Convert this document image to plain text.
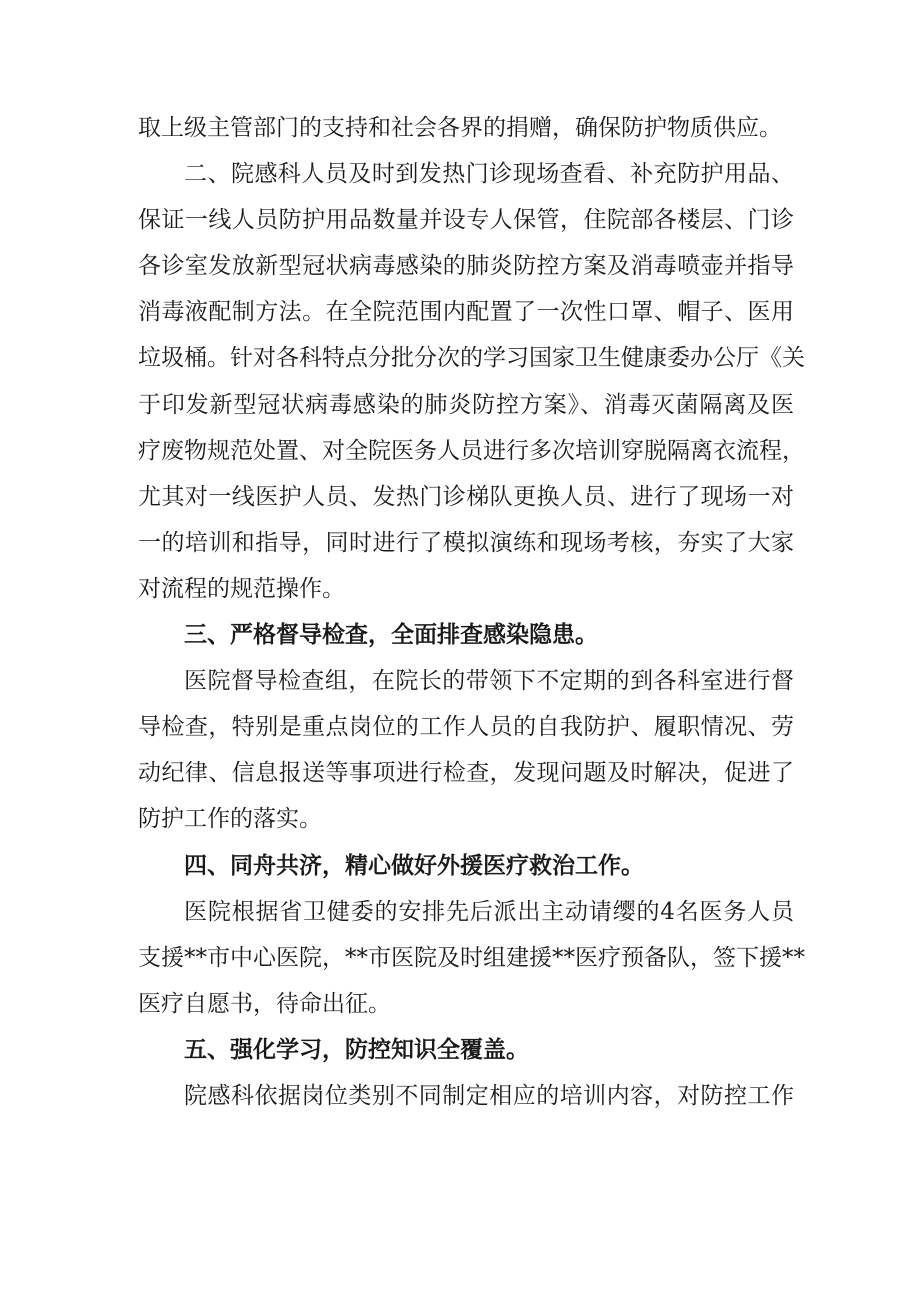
取上级主管部门的支持和社会各界的捐赠，确保防护物质供应。
二、院感科人员及时到发热门诊现场查看、补充防护用品、
保证一线人员防护用品数量并设专人保管，住院部各楼层、门诊
各诊室发放新型冠状病毒感染的肺炎防控方案及消毒喷壶并指导
消毒液配制方法。在全院范围内配置了一次性口罩、帽子、医用
垃圾桶。针对各科特点分批分次的学习国家卫生健康委办公厅《关
于印发新型冠状病毒感染的肺炎防控方案》、消毒灭菌隔离及医
疗废物规范处置、对全院医务人员进行多次培训穿脱隔离衣流程，
尤其对一线医护人员、发热门诊梯队更换人员、进行了现场一对
一的培训和指导，同时进行了模拟演练和现场考核，夯实了大家
对流程的规范操作。
三、严格督导检查，全面排查感染隐患。
医院督导检查组，在院长的带领下不定期的到各科室进行督
导检查，特别是重点岗位的工作人员的自我防护、履职情况、劳
动纪律、信息报送等事项进行检查，发现问题及时解决，促进了
防护工作的落实。
四、同舟共济，精心做好外援医疗救治工作。
医院根据省卫健委的安排先后派出主动请缨的4名医务人员
支援**市中心医院，**市医院及时组建援**医疗预备队，签下援**
医疗自愿书，待命出征。
五、强化学习，防控知识全覆盖。
院感科依据岗位类别不同制定相应的培训内容，对防控工作
